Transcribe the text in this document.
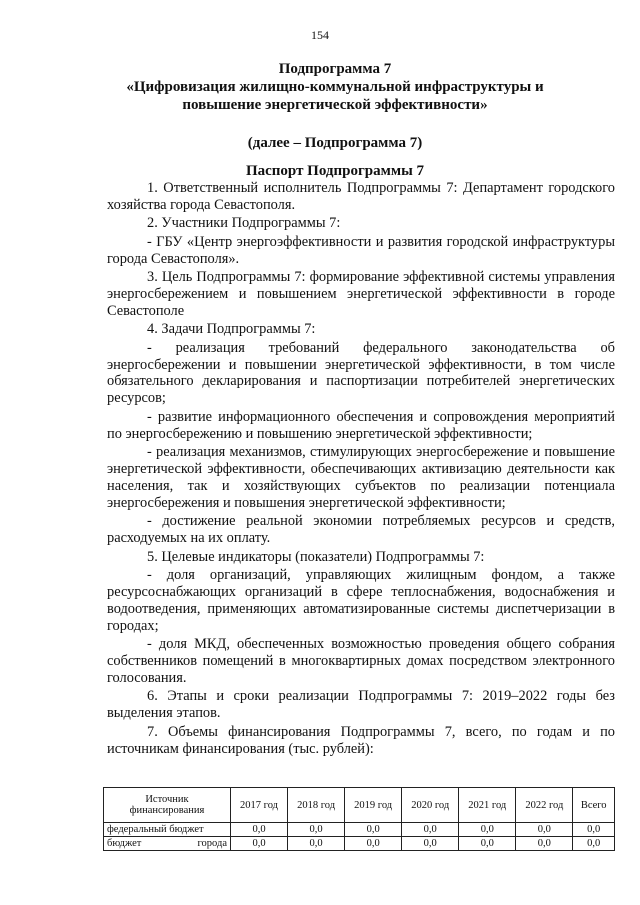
154
Подпрограмма 7
«Цифровизация жилищно-коммунальной инфраструктуры и
повышение энергетической эффективности»
(далее – Подпрограмма 7)
Паспорт Подпрограммы 7

1. Ответственный исполнитель Подпрограммы 7: Департамент городского хозяйства города Севастополя.

2. Участники Подпрограммы 7:

- ГБУ «Центр энергоэффективности и развития городской инфраструктуры города Севастополя».

3. Цель Подпрограммы 7: формирование эффективной системы управления энергосбережением и повышением энергетической эффективности в городе Севастополе

4. Задачи Подпрограммы 7:

- реализация требований федерального законодательства об энергосбережении и повышении энергетической эффективности, в том числе обязательного декларирования и паспортизации потребителей энергетических ресурсов;

- развитие информационного обеспечения и сопровождения мероприятий по энергосбережению и повышению энергетической эффективности;

- реализация механизмов, стимулирующих энергосбережение и повышение энергетической эффективности, обеспечивающих активизацию деятельности как населения, так и хозяйствующих субъектов по реализации потенциала энергосбережения и повышения энергетической эффективности;

- достижение реальной экономии потребляемых ресурсов и средств, расходуемых на их оплату.

5. Целевые индикаторы (показатели) Подпрограммы 7:

- доля организаций, управляющих жилищным фондом, а также ресурсоснабжающих организаций в сфере теплоснабжения, водоснабжения и водоотведения, применяющих автоматизированные системы диспетчеризации в городах;

- доля МКД, обеспеченных возможностью проведения общего собрания собственников помещений в многоквартирных домах посредством электронного голосования.

6. Этапы и сроки реализации Подпрограммы 7: 2019–2022 годы без выделения этапов.

7. Объемы финансирования Подпрограммы 7, всего, по годам и по источникам финансирования (тыс. рублей):

Источник финансирования	2017 год	2018 год	2019 год	2020 год	2021 год	2022 год	Всего
федеральный бюджет	0,0	0,0	0,0	0,0	0,0	0,0	0,0

бюджет города	0,0	0,0	0,0	0,0	0,0	0,0	0,0
